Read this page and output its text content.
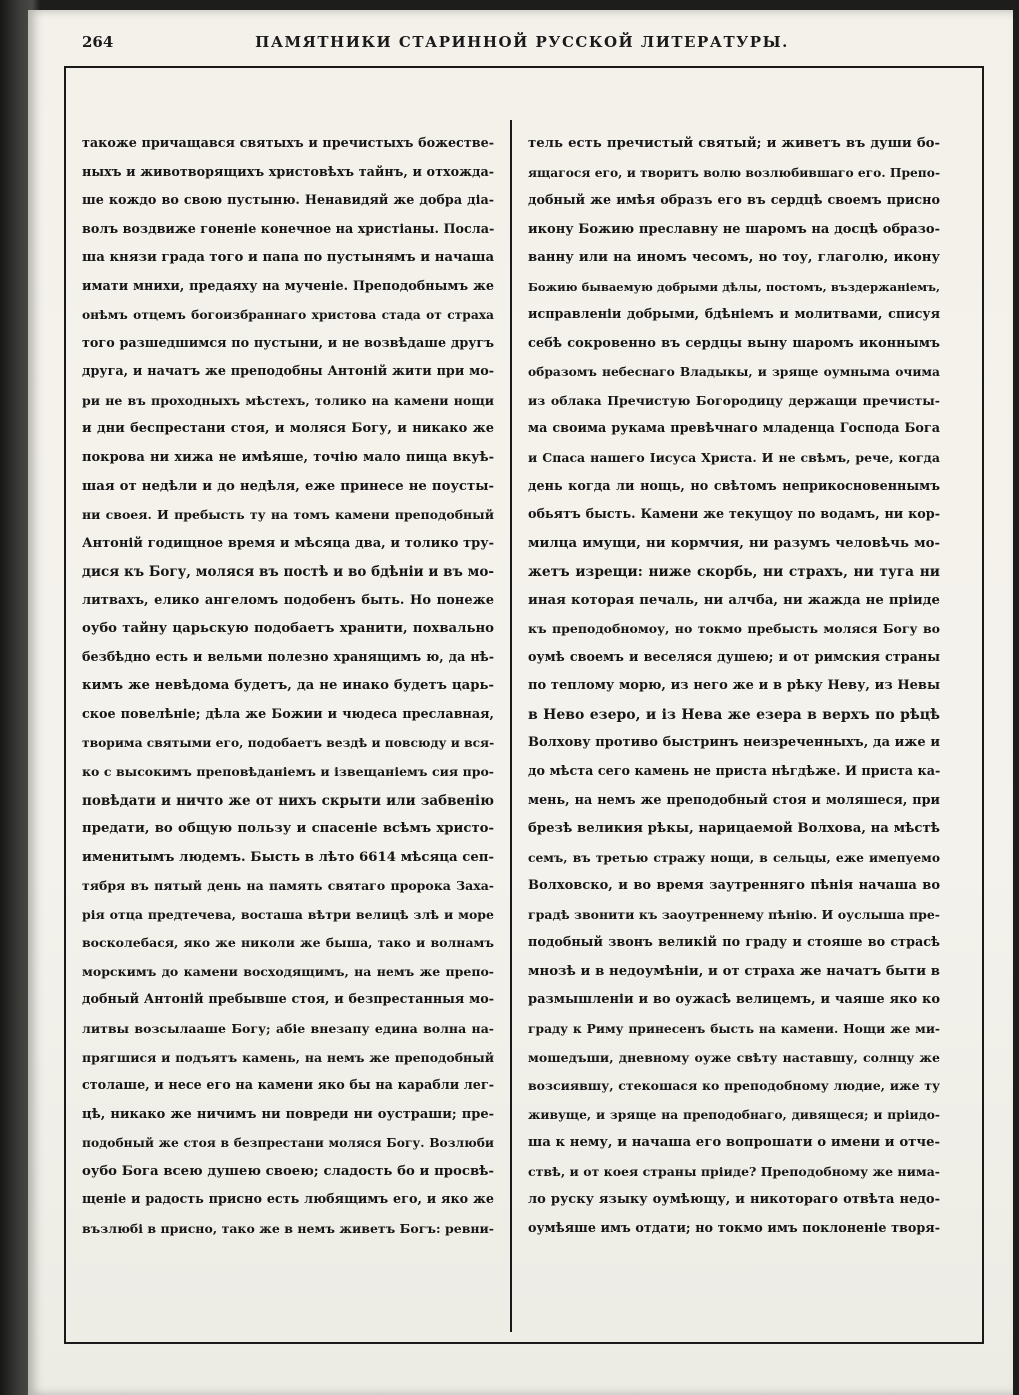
264	ПАМЯТНИКИ СТАРИННОЙ РУССКОЙ ЛИТЕРАТУРЫ.
такоже причащався святыхъ и пречистыхъ божестве-
ныхъ и животворящихъ христовѣхъ тайнъ, и отхожда-
ше кождо во свою пустыню. Ненавидяй же добра діа-
волъ воздвиже гоненіе конечное на христіаны. Посла-
ша князи града того и папа по пустынямъ и начаша
имати мнихи, предаяху на мученіе. Преподобнымъ же
онѣмъ отцемъ богоизбраннаго христова стада от страха
того разшедшимся по пустыни, и не возвѣдаше другъ
друга, и начатъ же преподобны Антоній жити при мо-
ри не въ проходныхъ мѣстехъ, толико на камени нощи
и дни беспрестани стоя, и моляся Богу, и никако же
покрова ни хижа не имѣяше, точію мало пища вкуѣ-
шая от недѣли и до недѣля, еже принесе не поусты-
ни своея. И пребысть ту на томъ камени преподобный
Антоній годищное время и мѣсяца два, и толико тру-
дися къ Богу, моляся въ постѣ и во бдѣніи и въ мо-
литвахъ, елико ангеломъ подобенъ быть. Но понеже
оубо тайну царьскую подобаетъ хранити, похвально
безбѣдно есть и вельми полезно хранящимъ ю, да нѣ-
кимъ же невѣдома будетъ, да не инако будетъ царь-
ское повелѣніе; дѣла же Божии и чюдеса преславная,
творима святыми его, подобаетъ вездѣ и повсюду и вся-
ко с высокимъ преповѣданіемъ и ізвещаніемъ сия про-
повѣдати и ничто же от нихъ скрыти или забвенію
предати, во общую пользу и спасеніе всѣмъ христо-
именитымъ людемъ. Бысть в лѣто 6614 мѣсяца сеп-
тября въ пятый день на память святаго пророка Заха-
рія отца предтечева, восташа вѣтри велицѣ злѣ и море
восколебася, яко же николи же быша, тако и волнамъ
морскимъ до камени восходящимъ, на немъ же препо-
добный Антоній пребывше стоя, и безпрестанныя мо-
литвы возсылааше Богу; абіе внезапу едина волна на-
прягшися и подъятъ камень, на немъ же преподобный
столаше, и несе его на камени яко бы на карабли лег-
цѣ, никако же ничимъ ни повреди ни оустраши; пре-
подобный же стоя в безпрестани моляся Богу. Возлюби
оубо Бога всею душею своею; сладость бо и просвѣ-
щеніе и радость присно есть любящимъ его, и яко же
възлюбі в присно, тако же в немъ живетъ Богъ: ревни-
тель есть пречистый святый; и живетъ въ души бо-
ящагося его, и творитъ волю возлюбившаго его. Препо-
добный же имѣя образъ его въ сердцѣ своемъ присно
икону Божию преславну не шаромъ на досцѣ образо-
ванну или на иномъ чесомъ, но тоу, глаголю, икону
Божию бываемую добрыми дѣлы, постомъ, въздержаніемъ,
исправленіи добрыми, бдѣніемъ и молитвами, списуя
себѣ сокровенно въ сердцы выну шаромъ иконнымъ
образомъ небеснаго Владыкы, и зряще оумныма очима
из облака Пречистую Богородицу держащи пречисты-
ма своима рукама превѣчнаго младенца Господа Бога
и Спаса нашего Іисуса Христа. И не свѣмъ, рече, когда
день когда ли нощь, но свѣтомъ неприкосновеннымъ
обьятъ бысть. Камени же текущоу по водамъ, ни кор-
милца имущи, ни кормчия, ни разумъ человѣчь мо-
жетъ изрещи: ниже скорбь, ни страхъ, ни туга ни
иная которая печаль, ни алчба, ни жажда не пріиде
къ преподобномоу, но токмо пребысть моляся Богу во
оумѣ своемъ и веселяся душею; и от римския страны
по теплому морю, из него же и в рѣку Неву, из Невы
в Нево езеро, и із Нева же езера в верхъ по рѣцѣ
Волхову противо быстринъ неизреченныхъ, да иже и
до мѣста сего камень не приста нѣгдѣже. И приста ка-
мень, на немъ же преподобный стоя и моляшеся, при
брезѣ великия рѣкы, нарицаемой Волхова, на мѣстѣ
семъ, въ третью стражу нощи, в сельцы, еже имепуемо
Волховско, и во время заутренняго пѣнія начаша во
градѣ звонити къ заоутреннему пѣнію. И оуслыша пре-
подобный звонъ великій по граду и стояше во страсѣ
мнозѣ и в недоумѣніи, и от страха же начатъ быти в
размышленіи и во оужасѣ велицемъ, и чаяше яко ко
граду к Риму принесенъ бысть на камени. Нощи же ми-
мошедъши, дневному оуже свѣту наставшу, солнцу же
возсиявшу, стекошася ко преподобному людие, иже ту
живуще, и зряще на преподобнаго, дивящеся; и пріидо-
ша к нему, и начаша его вопрошати о имени и отче-
ствѣ, и от коея страны пріиде? Преподобному же нима-
ло руску языку оумѣющу, и никотораго отвѣта недо-
оумѣяше имъ отдати; но токмо имъ поклоненіе творя-
